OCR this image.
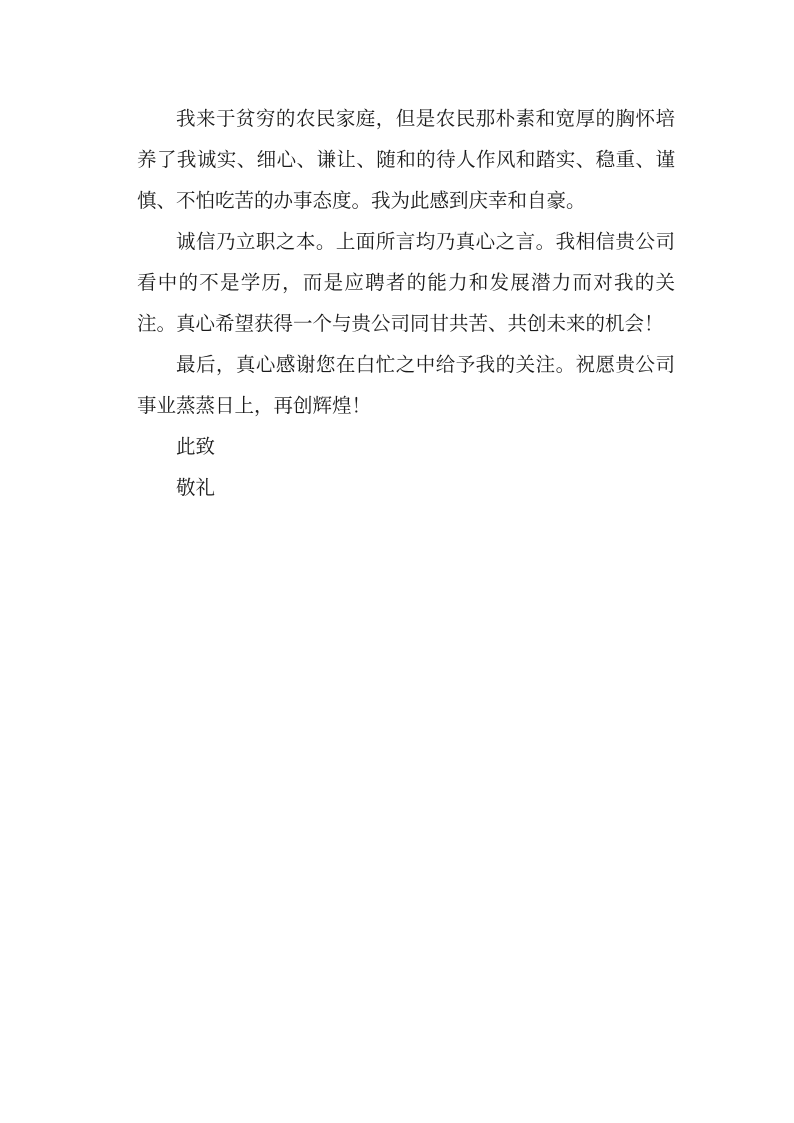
我来于贫穷的农民家庭，但是农民那朴素和宽厚的胸怀培养了我诚实、细心、谦让、随和的待人作风和踏实、稳重、谨慎、不怕吃苦的办事态度。我为此感到庆幸和自豪。

诚信乃立职之本。上面所言均乃真心之言。我相信贵公司看中的不是学历，而是应聘者的能力和发展潜力而对我的关注。真心希望获得一个与贵公司同甘共苦、共创未来的机会！

最后，真心感谢您在白忙之中给予我的关注。祝愿贵公司事业蒸蒸日上，再创辉煌！

此致

敬礼
